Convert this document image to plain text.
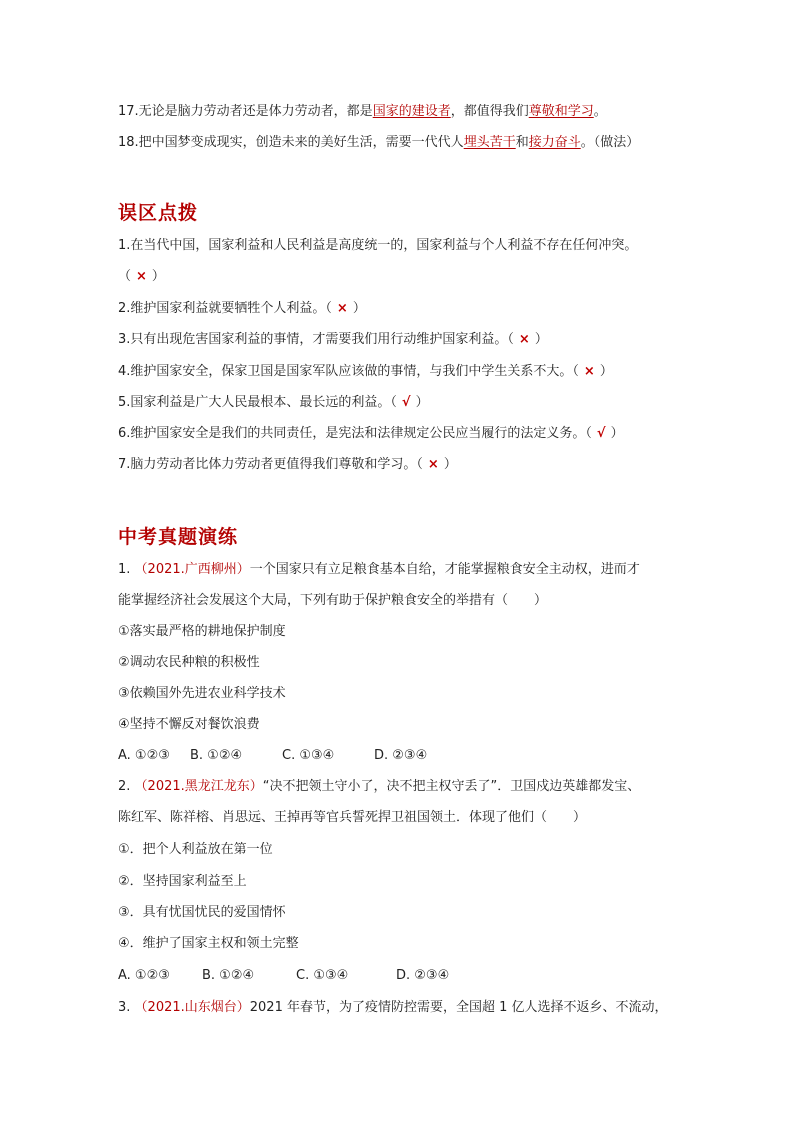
17.无论是脑力劳动者还是体力劳动者，都是国家的建设者，都值得我们尊敬和学习。
18.把中国梦变成现实，创造未来的美好生活，需要一代代人埋头苦干和接力奋斗。（做法）
误区点拨
1.在当代中国，国家利益和人民利益是高度统一的，国家利益与个人利益不存在任何冲突。
（ × ）
2.维护国家利益就要牺牲个人利益。（ × ）
3.只有出现危害国家利益的事情，才需要我们用行动维护国家利益。（ × ）
4.维护国家安全，保家卫国是国家军队应该做的事情，与我们中学生关系不大。（ × ）
5.国家利益是广大人民最根本、最长远的利益。（ √ ）
6.维护国家安全是我们的共同责任，是宪法和法律规定公民应当履行的法定义务。（ √ ）
7.脑力劳动者比体力劳动者更值得我们尊敬和学习。（ × ）
中考真题演练
1. （2021.广西柳州）一个国家只有立足粮食基本自给，才能掌握粮食安全主动权，进而才
能掌握经济社会发展这个大局，下列有助于保护粮食安全的举措有（　　）
①落实最严格的耕地保护制度
②调动农民种粮的积极性
③依赖国外先进农业科学技术
④坚持不懈反对餐饮浪费
A. ①②③ B. ①②④	C. ①③④	D. ②③④
2. （2021.黑龙江龙东）“决不把领土守小了，决不把主权守丢了”．卫国戍边英雄都发宝、
陈红军、陈祥榕、肖思远、王掉再等官兵誓死捍卫祖国领土．体现了他们（　　）
①．把个人利益放在第一位
②．坚持国家利益至上
③．具有忧国忧民的爱国情怀
④．维护了国家主权和领土完整
A. ①②③ B. ①②④	C. ①③④	D. ②③④
3. （2021.山东烟台）2021 年春节，为了疫情防控需要，全国超 1 亿人选择不返乡、不流动，
